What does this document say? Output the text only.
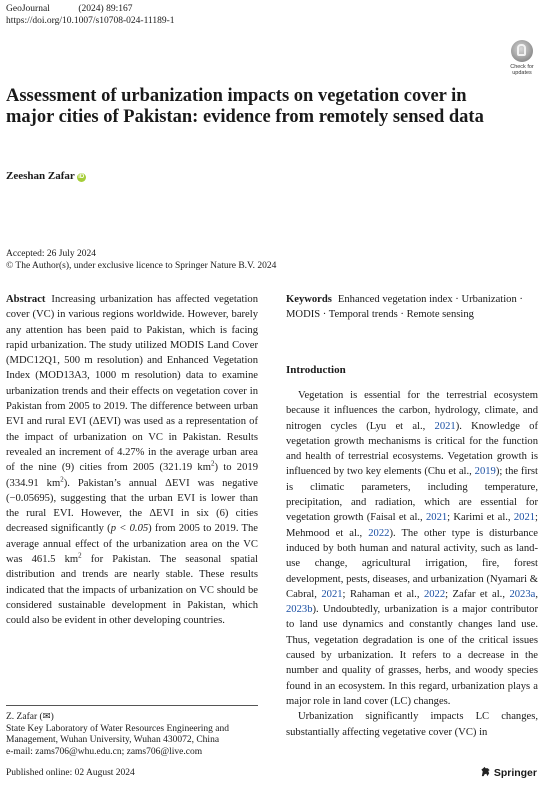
GeoJournal	(2024) 89:167
https://doi.org/10.1007/s10708-024-11189-1
Check for
updates
Assessment of urbanization impacts on vegetation cover in major cities of Pakistan: evidence from remotely sensed data
Zeeshan Zafar iD
Accepted: 26 July 2024
© The Author(s), under exclusive licence to Springer Nature B.V. 2024
Abstract Increasing urbanization has affected vegetation cover (VC) in various regions worldwide. However, barely any attention has been paid to Pakistan, which is facing rapid urbanization. The study utilized MODIS Land Cover (MDC12Q1, 500 m resolution) and Enhanced Vegetation Index (MOD13A3, 1000 m resolution) data to examine urbanization trends and their effects on vegetation cover in Pakistan from 2005 to 2019. The difference between urban EVI and rural EVI (ΔEVI) was used as a representation of the impact of urbanization on VC in Pakistan. Results revealed an increment of 4.27% in the average urban area of the nine (9) cities from 2005 (321.19 $km^2$) to 2019 (334.91 $km^2$). Pakistan’s annual ΔEVI was negative (−0.05695), suggesting that the urban EVI is lower than the rural EVI. However, the ΔEVI in six (6) cities decreased significantly (p < 0.05) from 2005 to 2019. The average annual effect of the urbanization area on the VC was 461.5 $km^2$ for Pakistan. The seasonal spatial distribution and trends are nearly stable. These results indicated that the impacts of urbanization on VC should be considered sustainable development in Pakistan, which could also be evident in other developing countries.
Keywords Enhanced vegetation index · Urbanization · MODIS · Temporal trends · Remote sensing
Introduction

Vegetation is essential for the terrestrial ecosystem because it influences the carbon, hydrology, climate, and nitrogen cycles (Lyu et al., 2021). Knowledge of vegetation growth mechanisms is critical for the function and health of terrestrial ecosystems. Vegetation growth is influenced by two key elements (Chu et al., 2019); the first is climatic parameters, including temperature, precipitation, and radiation, which are essential for vegetation growth (Faisal et al., 2021; Karimi et al., 2021; Mehmood et al., 2022). The other type is disturbance induced by both human and natural activity, such as land-use change, agricultural irrigation, fire, forest development, pests, diseases, and urbanization (Nyamari & Cabral, 2021; Rahaman et al., 2022; Zafar et al., 2023a, 2023b). Undoubtedly, urbanization is a major contributor to land use dynamics and constantly changes land use. Thus, vegetation degradation is one of the critical issues caused by urbanization. It refers to a decrease in the number and quality of grasses, herbs, and woody species found in an ecosystem. In this regard, urbanization plays a major role in land cover (LC) changes.

Urbanization significantly impacts LC changes, substantially affecting vegetative cover (VC) in

Z. Zafar (✉)
State Key Laboratory of Water Resources Engineering and Management, Wuhan University, Wuhan 430072, China
e-mail: zams706@whu.edu.cn; zams706@live.com
Published online: 02 August 2024	Springer
